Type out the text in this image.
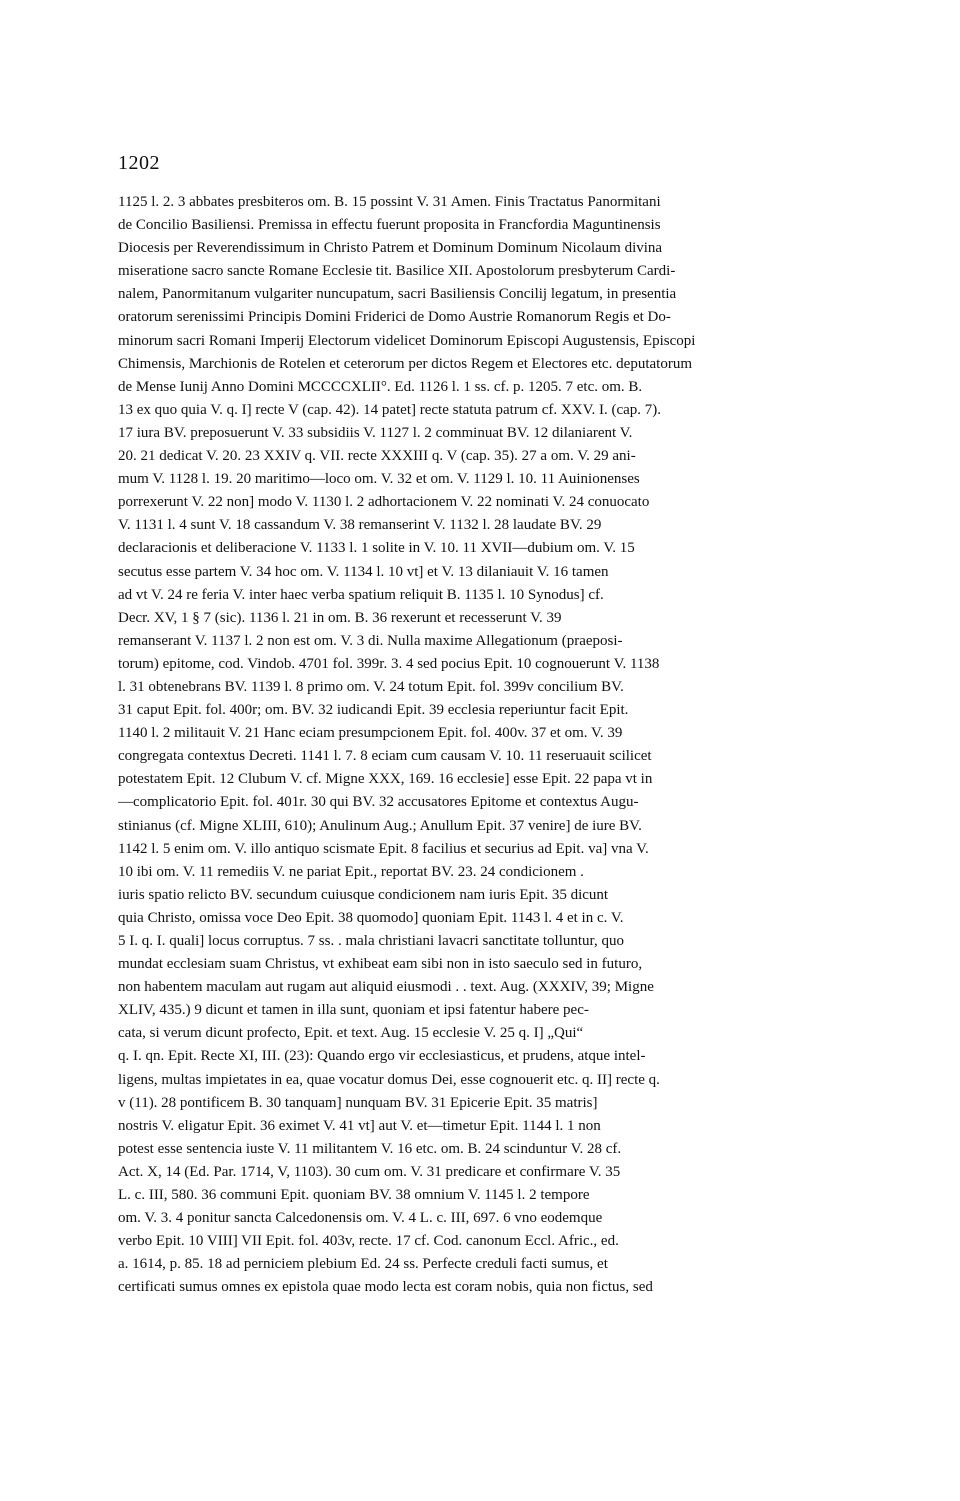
1202
1125 l. 2. 3 abbates presbiteros om. B. 15 possint V. 31 Amen. Finis Tractatus Panormitani
de Concilio Basiliensi. Premissa in effectu fuerunt proposita in Francfordia Maguntinensis
Diocesis per Reverendissimum in Christo Patrem et Dominum Dominum Nicolaum divina
miseratione sacro sancte Romane Ecclesie tit. Basilice XII. Apostolorum presbyterum Cardi-
nalem, Panormitanum vulgariter nuncupatum, sacri Basiliensis Concilij legatum, in presentia
oratorum serenissimi Principis Domini Friderici de Domo Austrie Romanorum Regis et Do-
minorum sacri Romani Imperij Electorum videlicet Dominorum Episcopi Augustensis, Episcopi
Chimensis, Marchionis de Rotelen et ceterorum per dictos Regem et Electores etc. deputatorum
de Mense Iunij Anno Domini MCCCCXLII°. Ed. 1126 l. 1 ss. cf. p. 1205. 7 etc. om. B.
13 ex quo quia V. q. I] recte V (cap. 42). 14 patet] recte statuta patrum cf. XXV. I. (cap. 7).
17 iura BV. preposuerunt V. 33 subsidiis V. 1127 l. 2 comminuat BV. 12 dilaniarent V.
20. 21 dedicat V. 20. 23 XXIV q. VII. recte XXXIII q. V (cap. 35). 27 a om. V. 29 ani-
mum V. 1128 l. 19. 20 maritimo—loco om. V. 32 et om. V. 1129 l. 10. 11 Auinionenses
porrexerunt V. 22 non] modo V. 1130 l. 2 adhortacionem V. 22 nominati V. 24 conuocato
V. 1131 l. 4 sunt V. 18 cassandum V. 38 remanserint V. 1132 l. 28 laudate BV. 29
declaracionis et deliberacione V. 1133 l. 1 solite in V. 10. 11 XVII—dubium om. V. 15
secutus esse partem V. 34 hoc om. V. 1134 l. 10 vt] et V. 13 dilaniauit V. 16 tamen
ad vt V. 24 re feria V. inter haec verba spatium reliquit B. 1135 l. 10 Synodus] cf.
Decr. XV, 1 § 7 (sic). 1136 l. 21 in om. B. 36 rexerunt et recesserunt V. 39
remanserant V. 1137 l. 2 non est om. V. 3 di. Nulla maxime Allegationum (praeposi-
torum) epitome, cod. Vindob. 4701 fol. 399r. 3. 4 sed pocius Epit. 10 cognouerunt V. 1138
l. 31 obtenebrans BV. 1139 l. 8 primo om. V. 24 totum Epit. fol. 399v concilium BV.
31 caput Epit. fol. 400r; om. BV. 32 iudicandi Epit. 39 ecclesia reperiuntur facit Epit.
1140 l. 2 militauit V. 21 Hanc eciam presumpcionem Epit. fol. 400v. 37 et om. V. 39
congregata contextus Decreti. 1141 l. 7. 8 eciam cum causam V. 10. 11 reseruauit scilicet
potestatem Epit. 12 Clubum V. cf. Migne XXX, 169. 16 ecclesie] esse Epit. 22 papa vt in
—complicatorio Epit. fol. 401r. 30 qui BV. 32 accusatores Epitome et contextus Augu-
stinianus (cf. Migne XLIII, 610); Anulinum Aug.; Anullum Epit. 37 venire] de iure BV.
1142 l. 5 enim om. V. illo antiquo scismate Epit. 8 facilius et securius ad Epit. va] vna V.
10 ibi om. V. 11 remediis V. ne pariat Epit., reportat BV. 23. 24 condicionem .
iuris spatio relicto BV. secundum cuiusque condicionem nam iuris Epit. 35 dicunt
quia Christo, omissa voce Deo Epit. 38 quomodo] quoniam Epit. 1143 l. 4 et in c. V.
5 I. q. I. quali] locus corruptus. 7 ss. . mala christiani lavacri sanctitate tolluntur, quo
mundat ecclesiam suam Christus, vt exhibeat eam sibi non in isto saeculo sed in futuro,
non habentem maculam aut rugam aut aliquid eiusmodi . . text. Aug. (XXXIV, 39; Migne
XLIV, 435.) 9 dicunt et tamen in illa sunt, quoniam et ipsi fatentur habere pec-
cata, si verum dicunt profecto, Epit. et text. Aug. 15 ecclesie V. 25 q. I] „Qui“
q. I. qn. Epit. Recte XI, III. (23): Quando ergo vir ecclesiasticus, et prudens, atque intel-
ligens, multas impietates in ea, quae vocatur domus Dei, esse cognouerit etc. q. II] recte q.
v (11). 28 pontificem B. 30 tanquam] nunquam BV. 31 Epicerie Epit. 35 matris]
nostris V. eligatur Epit. 36 eximet V. 41 vt] aut V. et—timetur Epit. 1144 l. 1 non
potest esse sentencia iuste V. 11 militantem V. 16 etc. om. B. 24 scinduntur V. 28 cf.
Act. X, 14 (Ed. Par. 1714, V, 1103). 30 cum om. V. 31 predicare et confirmare V. 35
L. c. III, 580. 36 communi Epit. quoniam BV. 38 omnium V. 1145 l. 2 tempore
om. V. 3. 4 ponitur sancta Calcedonensis om. V. 4 L. c. III, 697. 6 vno eodemque
verbo Epit. 10 VIII] VII Epit. fol. 403v, recte. 17 cf. Cod. canonum Eccl. Afric., ed.
a. 1614, p. 85. 18 ad perniciem plebium Ed. 24 ss. Perfecte creduli facti sumus, et
certificati sumus omnes ex epistola quae modo lecta est coram nobis, quia non fictus, sed
